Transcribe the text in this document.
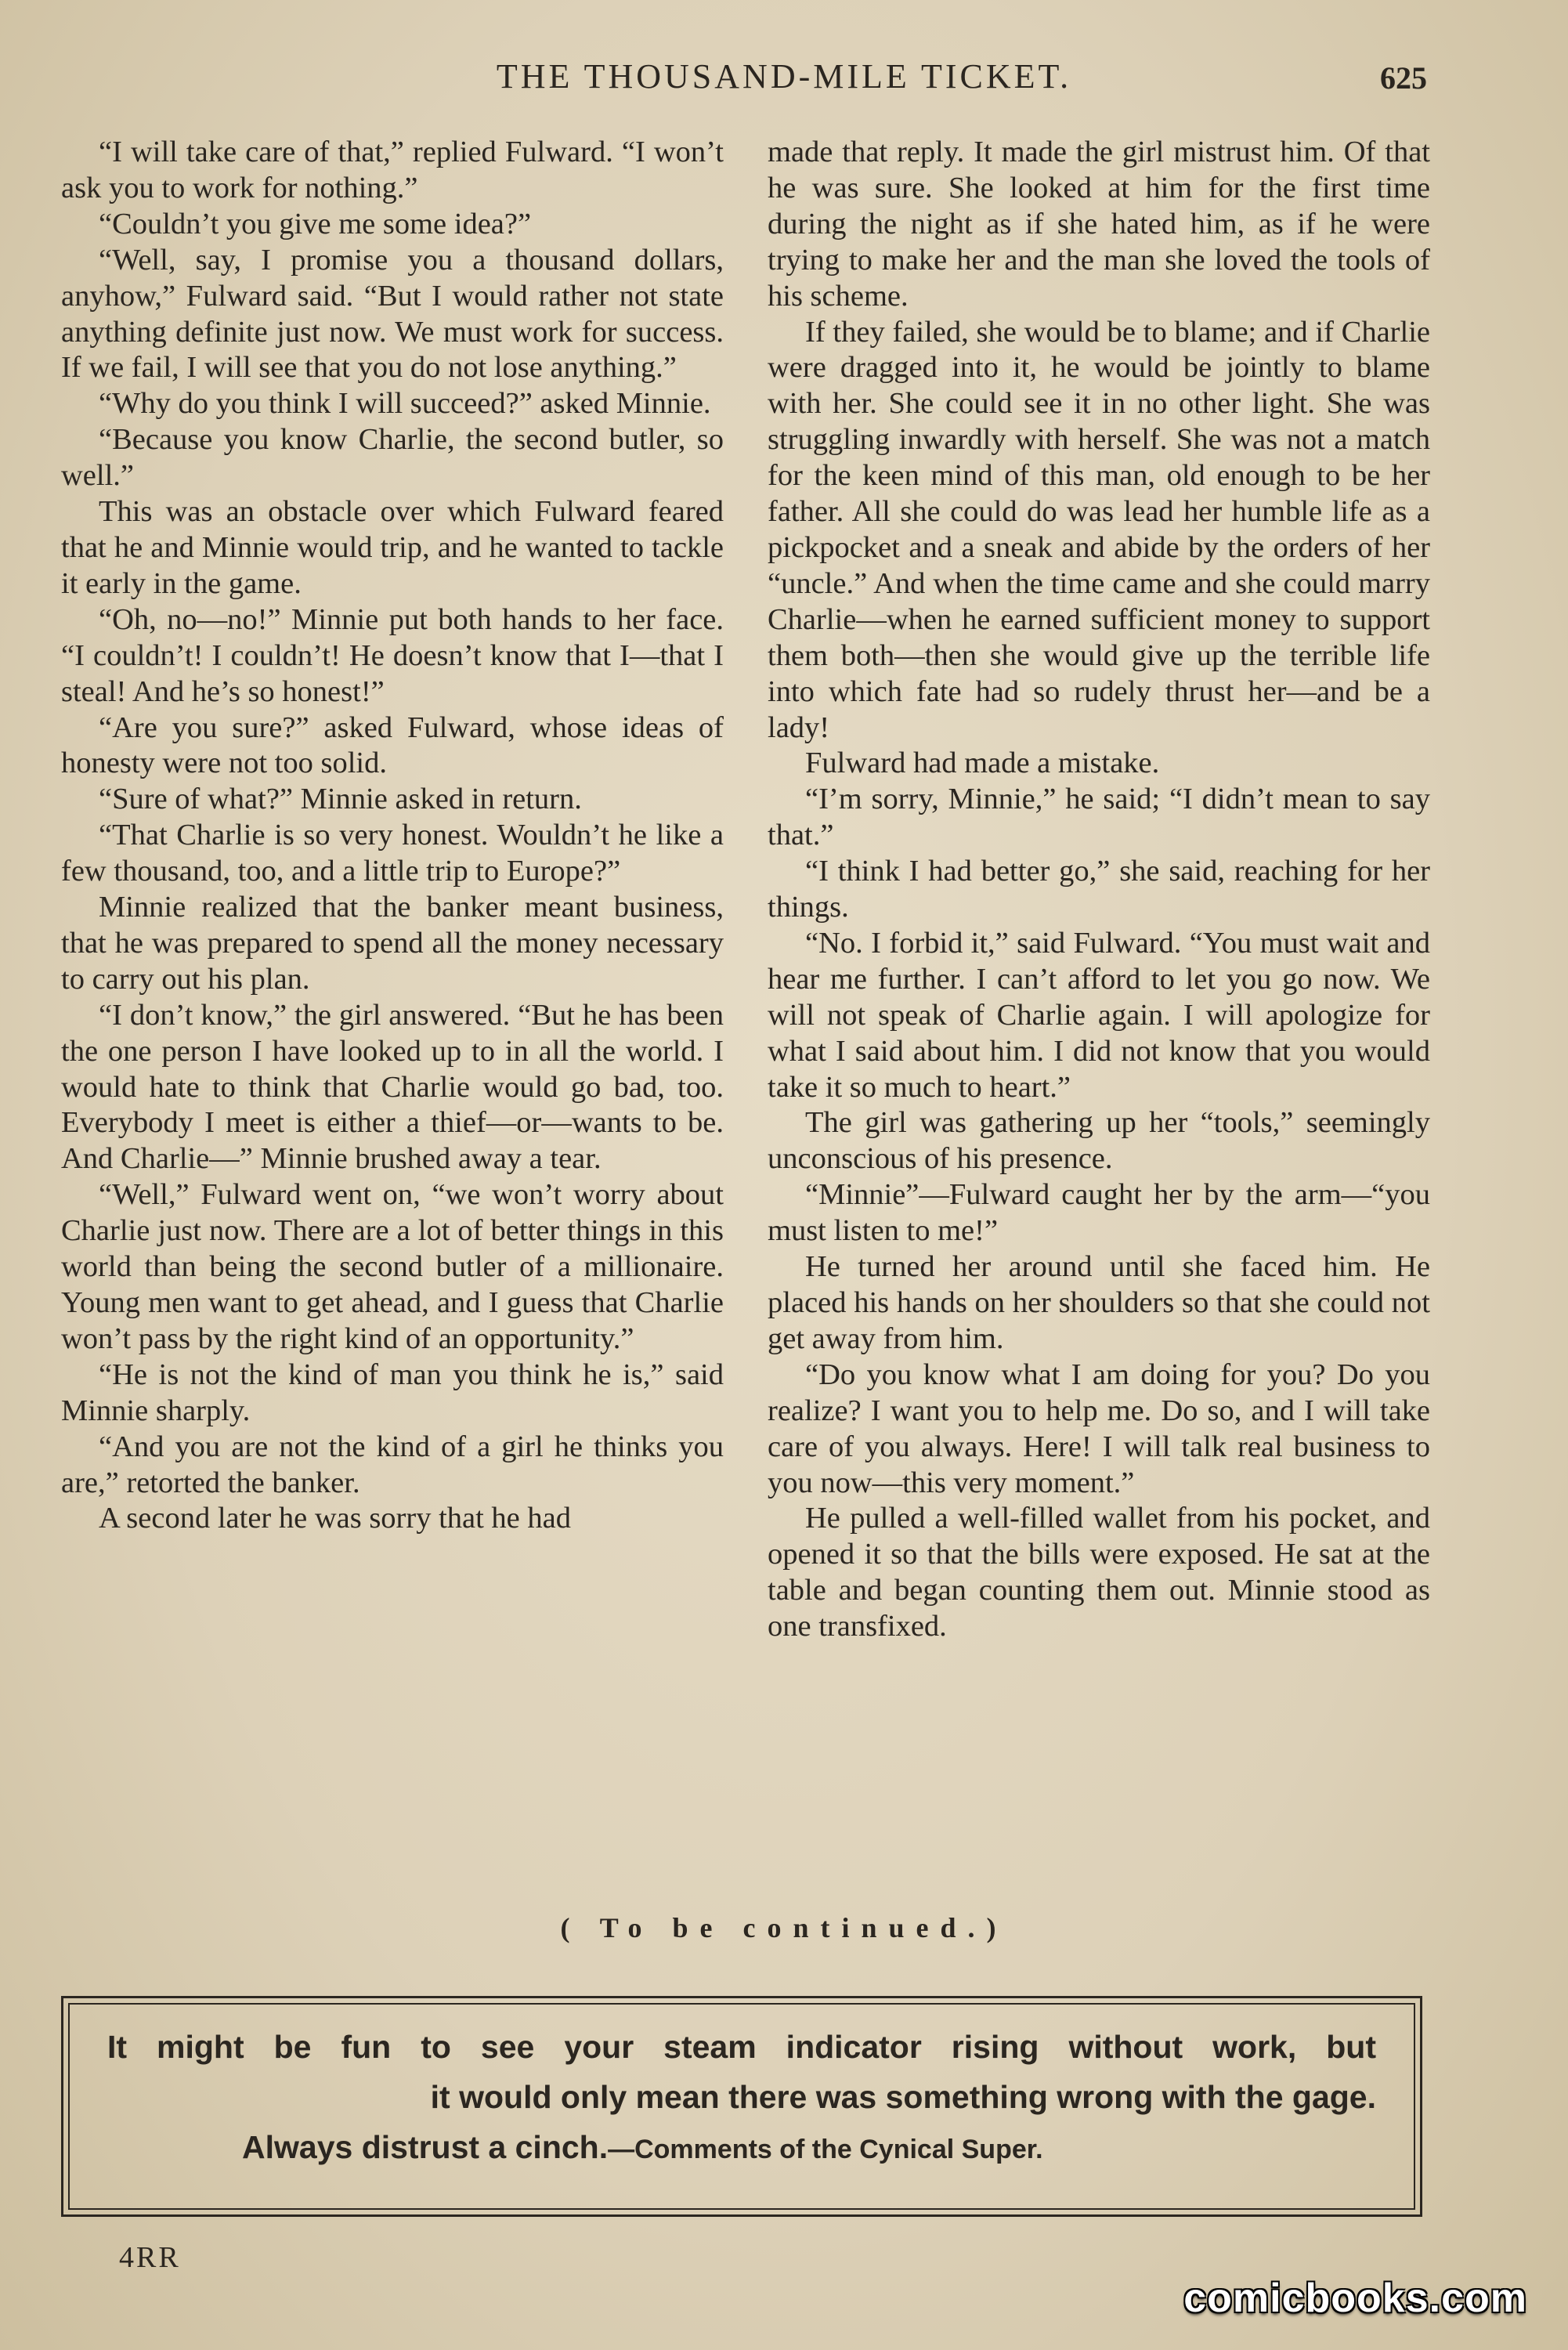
THE THOUSAND-MILE TICKET.	625

“I will take care of that,” replied Fulward. “I won’t ask you to work for nothing.”

“Couldn’t you give me some idea?”

“Well, say, I promise you a thousand dollars, anyhow,” Fulward said. “But I would rather not state anything definite just now. We must work for success. If we fail, I will see that you do not lose anything.”

“Why do you think I will succeed?” asked Minnie.

“Because you know Charlie, the second butler, so well.”

This was an obstacle over which Fulward feared that he and Minnie would trip, and he wanted to tackle it early in the game.

“Oh, no—no!” Minnie put both hands to her face. “I couldn’t! I couldn’t! He doesn’t know that I—that I steal! And he’s so honest!”

“Are you sure?” asked Fulward, whose ideas of honesty were not too solid.

“Sure of what?” Minnie asked in return.

“That Charlie is so very honest. Wouldn’t he like a few thousand, too, and a little trip to Europe?”

Minnie realized that the banker meant business, that he was prepared to spend all the money necessary to carry out his plan.

“I don’t know,” the girl answered. “But he has been the one person I have looked up to in all the world. I would hate to think that Charlie would go bad, too. Everybody I meet is either a thief—or—wants to be. And Charlie—” Minnie brushed away a tear.

“Well,” Fulward went on, “we won’t worry about Charlie just now. There are a lot of better things in this world than being the second butler of a millionaire. Young men want to get ahead, and I guess that Charlie won’t pass by the right kind of an opportunity.”

“He is not the kind of man you think he is,” said Minnie sharply.

“And you are not the kind of a girl he thinks you are,” retorted the banker.

A second later he was sorry that he had

made that reply. It made the girl mistrust him. Of that he was sure. She looked at him for the first time during the night as if she hated him, as if he were trying to make her and the man she loved the tools of his scheme.

If they failed, she would be to blame; and if Charlie were dragged into it, he would be jointly to blame with her. She could see it in no other light. She was struggling inwardly with herself. She was not a match for the keen mind of this man, old enough to be her father. All she could do was lead her humble life as a pickpocket and a sneak and abide by the orders of her “uncle.” And when the time came and she could marry Charlie—when he earned sufficient money to support them both—then she would give up the terrible life into which fate had so rudely thrust her—and be a lady!

Fulward had made a mistake.

“I’m sorry, Minnie,” he said; “I didn’t mean to say that.”

“I think I had better go,” she said, reaching for her things.

“No. I forbid it,” said Fulward. “You must wait and hear me further. I can’t afford to let you go now. We will not speak of Charlie again. I will apologize for what I said about him. I did not know that you would take it so much to heart.”

The girl was gathering up her “tools,” seemingly unconscious of his presence.

“Minnie”—Fulward caught her by the arm—“you must listen to me!”

He turned her around until she faced him. He placed his hands on her shoulders so that she could not get away from him.

“Do you know what I am doing for you? Do you realize? I want you to help me. Do so, and I will take care of you always. Here! I will talk real business to you now—this very moment.”

He pulled a well-filled wallet from his pocket, and opened it so that the bills were exposed. He sat at the table and began counting them out. Minnie stood as one transfixed.

( To be continued.)
It might be fun to see your steam indicator rising without work, but
it would only mean there was something wrong with the gage.
Always distrust a cinch.—Comments of the Cynical Super.
4RR
comicbooks.com
